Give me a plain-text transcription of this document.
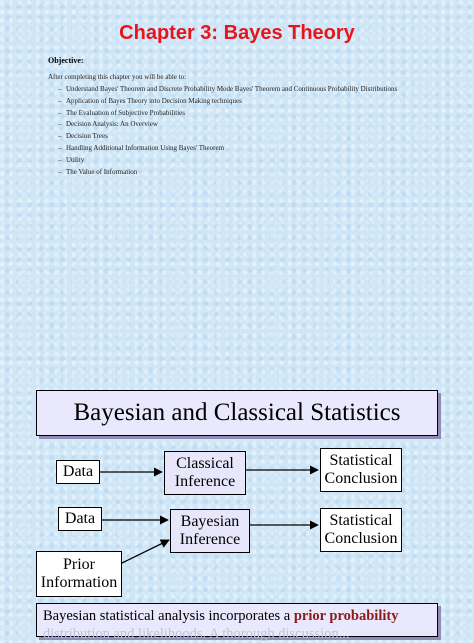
Chapter 3: Bayes Theory
Objective:
After completing this chapter you will be able to:
– Understand Bayes' Theorem and Discrete Probability Mode Bayes' Theorem and Continuous Probability Distributions
– Application of Bayes Theory into Decision Making techniques
– The Evaluation of Subjective Probabilities
– Decision Analysis: An Overview
– Decision Trees
– Handling Additional Information Using Bayes' Theorem
– Utility
– The Value of Information
Bayesian and Classical Statistics
Data	Classical
Inference
Statistical
Conclusion
Data	Bayesian
Inference
Statistical
Conclusion
Prior
Information
Bayesian statistical analysis incorporates a prior probability
distribution and likelihoods. A thorough discussion...
